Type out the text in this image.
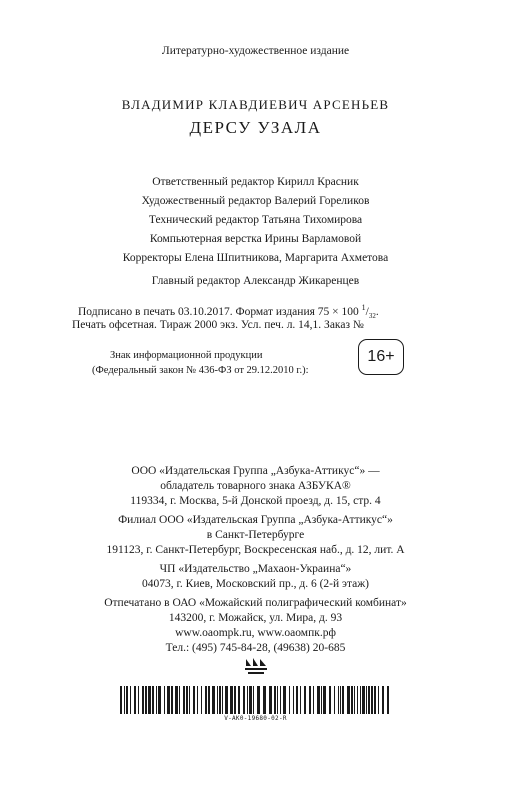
Литературно-художественное издание
ВЛАДИМИР КЛАВДИЕВИЧ АРСЕНЬЕВ
ДЕРСУ УЗАЛА
Ответственный редактор Кирилл Красник
Художественный редактор Валерий Гореликов
Технический редактор Татьяна Тихомирова
Компьютерная верстка Ирины Варламовой
Корректоры Елена Шпитникова, Маргарита Ахметова
Главный редактор Александр Жикаренцев
Подписано в печать 03.10.2017. Формат издания 75 × 100 $^1/_{32}$.
Печать офсетная. Тираж 2000 экз. Усл. печ. л. 14,1. Заказ №
Знак информационной продукции
(Федеральный закон № 436-ФЗ от 29.12.2010 г.):
16+
ООО «Издательская Группа „Азбука-Аттикус“» —
обладатель товарного знака АЗБУКА®
119334, г. Москва, 5-й Донской проезд, д. 15, стр. 4
Филиал ООО «Издательская Группа „Азбука-Аттикус“»
в Санкт-Петербурге
191123, г. Санкт-Петербург, Воскресенская наб., д. 12, лит. А
ЧП «Издательство „Махаон-Украина“»
04073, г. Киев, Московский пр., д. 6 (2-й этаж)
Отпечатано в ОАО «Можайский полиграфический комбинат»
143200, г. Можайск, ул. Мира, д. 93
www.oaompk.ru, www.оаомпк.рф
Тел.: (495) 745-84-28, (49638) 20-685
V-AK0-19680-02-R
